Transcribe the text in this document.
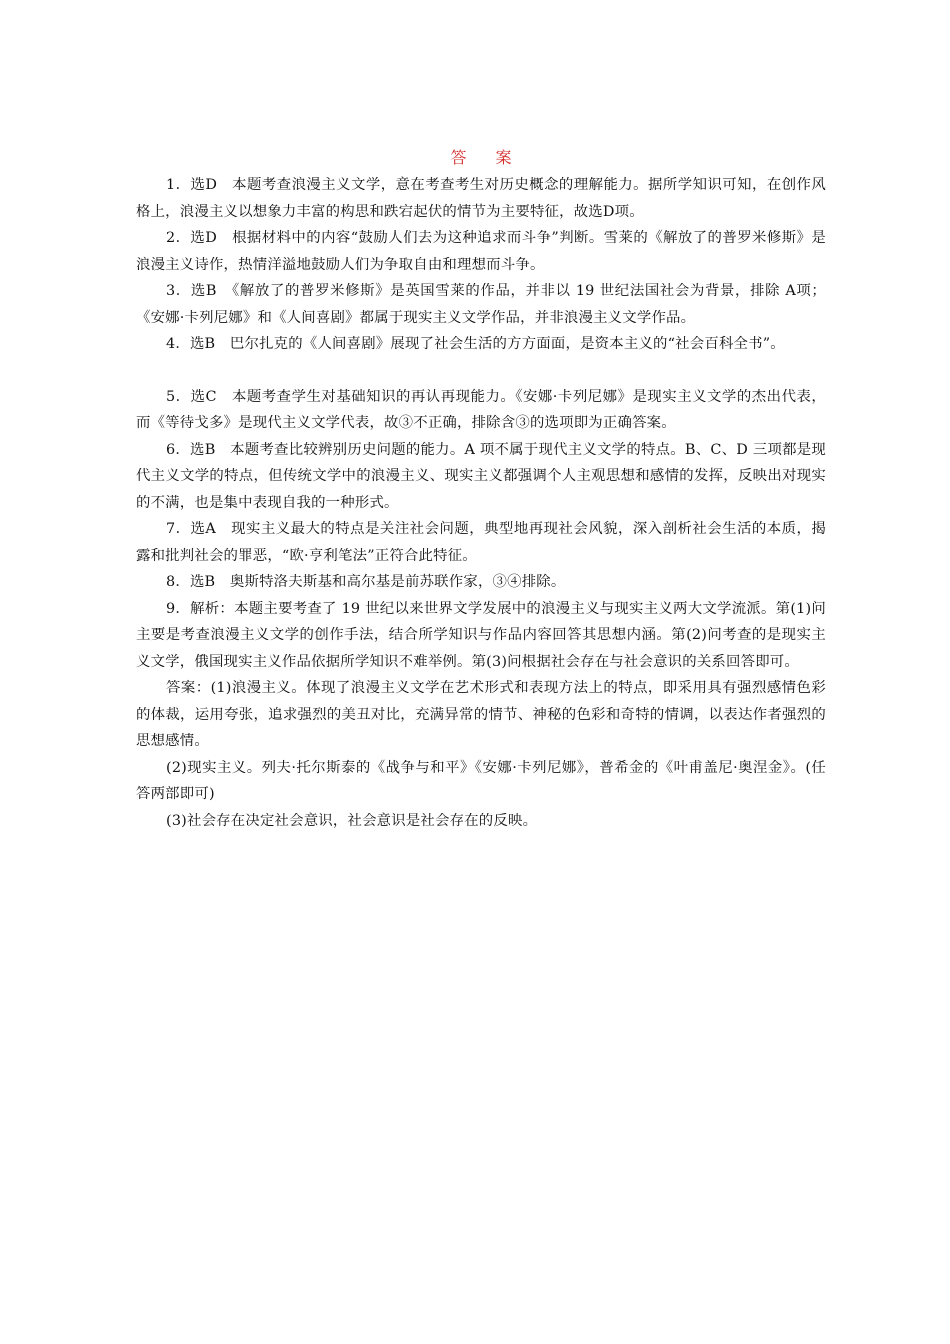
答 案

1．选D　本题考查浪漫主义文学，意在考查考生对历史概念的理解能力。据所学知识可知，在创作风格上，浪漫主义以想象力丰富的构思和跌宕起伏的情节为主要特征，故选D项。

2．选D　根据材料中的内容“鼓励人们去为这种追求而斗争”判断。雪莱的《解放了的普罗米修斯》是浪漫主义诗作，热情洋溢地鼓励人们为争取自由和理想而斗争。

3．选B　《解放了的普罗米修斯》是英国雪莱的作品，并非以 19 世纪法国社会为背景，排除 A项；《安娜·卡列尼娜》和《人间喜剧》都属于现实主义文学作品，并非浪漫主义文学作品。

4．选B　巴尔扎克的《人间喜剧》展现了社会生活的方方面面，是资本主义的“社会百科全书”。

5．选C　本题考查学生对基础知识的再认再现能力。《安娜·卡列尼娜》是现实主义文学的杰出代表，而《等待戈多》是现代主义文学代表，故③不正确，排除含③的选项即为正确答案。

6．选B　本题考查比较辨别历史问题的能力。A 项不属于现代主义文学的特点。B、C、D 三项都是现代主义文学的特点，但传统文学中的浪漫主义、现实主义都强调个人主观思想和感情的发挥，反映出对现实的不满，也是集中表现自我的一种形式。

7．选A　现实主义最大的特点是关注社会问题，典型地再现社会风貌，深入剖析社会生活的本质，揭露和批判社会的罪恶，“欧·亨利笔法”正符合此特征。

8．选B　奥斯特洛夫斯基和高尔基是前苏联作家，③④排除。

9．解析：本题主要考查了 19 世纪以来世界文学发展中的浪漫主义与现实主义两大文学流派。第(1)问主要是考查浪漫主义文学的创作手法，结合所学知识与作品内容回答其思想内涵。第(2)问考查的是现实主义文学，俄国现实主义作品依据所学知识不难举例。第(3)问根据社会存在与社会意识的关系回答即可。

答案：(1)浪漫主义。体现了浪漫主义文学在艺术形式和表现方法上的特点，即采用具有强烈感情色彩的体裁，运用夸张，追求强烈的美丑对比，充满异常的情节、神秘的色彩和奇特的情调，以表达作者强烈的思想感情。

(2)现实主义。列夫·托尔斯泰的《战争与和平》《安娜·卡列尼娜》，普希金的《叶甫盖尼·奥涅金》。(任答两部即可)

(3)社会存在决定社会意识，社会意识是社会存在的反映。
